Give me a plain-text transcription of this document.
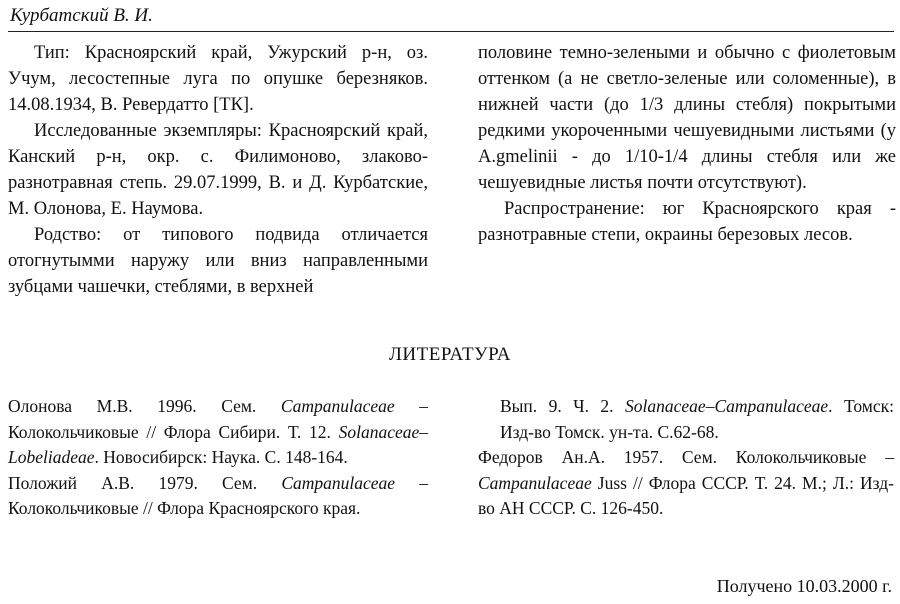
Курбатский В. И.

Тип: Красноярский край, Ужурский р-н, оз. Учум, лесостепные луга по опушке березняков. 14.08.1934, В. Ревердатто [ТК].

Исследованные экземпляры: Красноярский край, Канский р-н, окр. с. Филимоново, злаково-разнотравная степь. 29.07.1999, В. и Д. Курбатские, М. Олонова, Е. Наумова.

Родство: от типового подвида отличается отогнутымми наружу или вниз направленными зубцами чашечки, стеблями, в верхней

половине темно-зелеными и обычно с фиолетовым оттенком (а не светло-зеленые или соломенные), в нижней части (до 1/3 длины стебля) покрытыми редкими укороченными чешуевидными листьями (у A.gmelinii - до 1/10-1/4 длины стебля или же чешуевидные листья почти отсутствуют).

Распространение: юг Красноярского края - разнотравные степи, окраины березовых лесов.

ЛИТЕРАТУРА

Олонова М.В. 1996. Сем. Campanulaceae – Колокольчиковые // Флора Сибири. Т. 12. Solanaceae–Lobeliadeae. Новосибирск: Наука. С. 148-164.

Положий А.В. 1979. Сем. Campanulaceae – Колокольчиковые // Флора Красноярского края.

Вып. 9. Ч. 2. Solanaceae–Campanulaceae. Томск: Изд-во Томск. ун-та. С.62-68.

Федоров Ан.А. 1957. Сем. Колокольчиковые – Campanulaceae Juss // Флора СССР. Т. 24. М.; Л.: Изд-во АН СССР. С. 126-450.

Получено 10.03.2000 г.
